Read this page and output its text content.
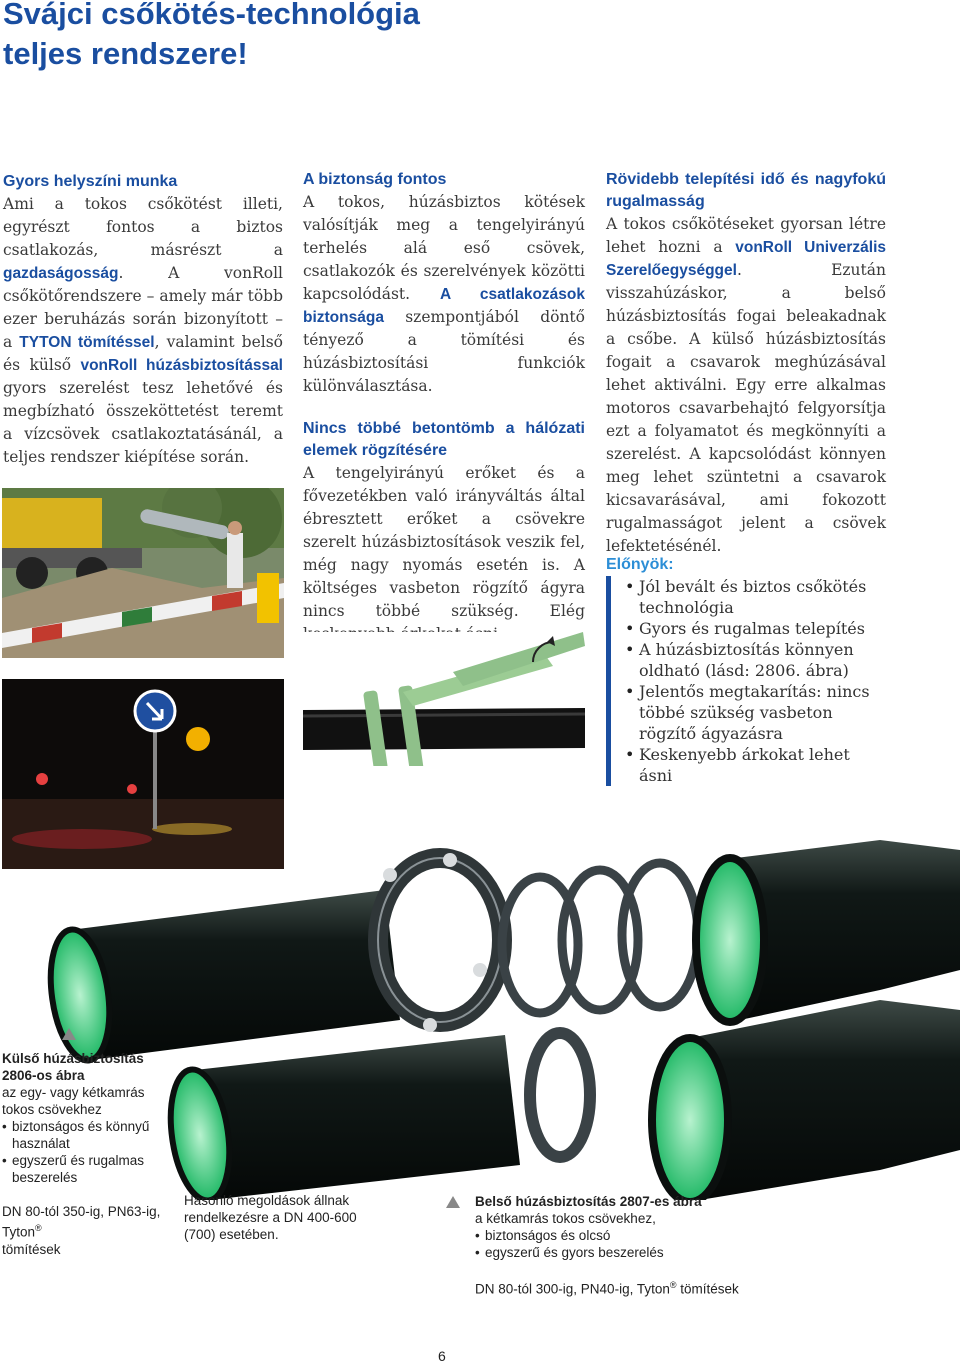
Svájci csőkötés-technológia
teljes rendszere!
Gyors helyszíni munka

Ami a tokos csőkötést illeti, egyrészt fontos a biztos csatlakozás, másrészt a gazdaságosság. A vonRoll csőkötőrendszere – amely már több ezer beruházás során bizonyított – a TYTON tömítéssel, valamint belső és külső vonRoll húzásbiztosítással gyors szerelést tesz lehetővé és megbízható összeköttetést teremt a vízcsövek csatlakoztatásánál, a teljes rendszer kiépítése során.

A biztonság fontos

A tokos, húzásbiztos kötések valósítják meg a tengelyirányú terhelés alá eső csövek, csatlakozók és szerelvények közötti kapcsolódást. A csatlakozások biztonsága szempontjából döntő tényező a tömítési és húzásbiztosítási funkciók különválasztása.

Nincs többé betontömb a hálózati elemek rögzítésére

A tengelyirányú erőket és a fővezetékben való irányváltás által ébresztett erőket a csövekre szerelt húzásbiztosítások veszik fel, még nagy nyomás esetén is. A költséges vasbeton rögzítő ágyra nincs többé szükség. Elég

Rövidebb telepítési idő és nagyfokú rugalmasság

A tokos csőkötéseket gyorsan létre lehet hozni a vonRoll Univerzális Szerelőegységgel. Ezután visszahúzáskor, a belső húzásbiztosítás fogai beleakadnak a csőbe. A külső húzásbiztosítás fogait a csavarok meghúzásával lehet aktiválni. Egy erre alkalmas motoros csavarbehajtó felgyorsítja ezt a folyamatot és megkönnyíti a szerelést. A kapcsolódást könnyen meg lehet szüntetni a csavarok kicsavarásával, ami fokozott rugalmasságot jelent a csövek lefektetésénél.

Előnyök:
• Jól bevált és biztos csőkötés technológia
• Gyors és rugalmas telepítés
• A húzásbiztosítás könnyen oldható (lásd: 2806. ábra)
• Jelentős megtakarítás: nincs többé szükség vasbeton rögzítő ágyazásra
• Keskenyebb árkokat lehet ásni
Külső húzásbiztosítás
2806-os ábra
az egy- vagy kétkamrás tokos csövekhez
• biztonságos és könnyű használat
• egyszerű és rugalmas beszerelés
DN 80-tól 350-ig, PN63-ig, Tyton®
tömítések
Hasonló megoldások állnak rendelkezésre a DN 400-600 (700) esetében.
Belső húzásbiztosítás 2807-es ábra
a kétkamrás tokos csövekhez,
• biztonságos és olcsó
• egyszerű és gyors beszerelés
DN 80-tól 300-ig, PN40-ig, Tyton® tömítések
6
